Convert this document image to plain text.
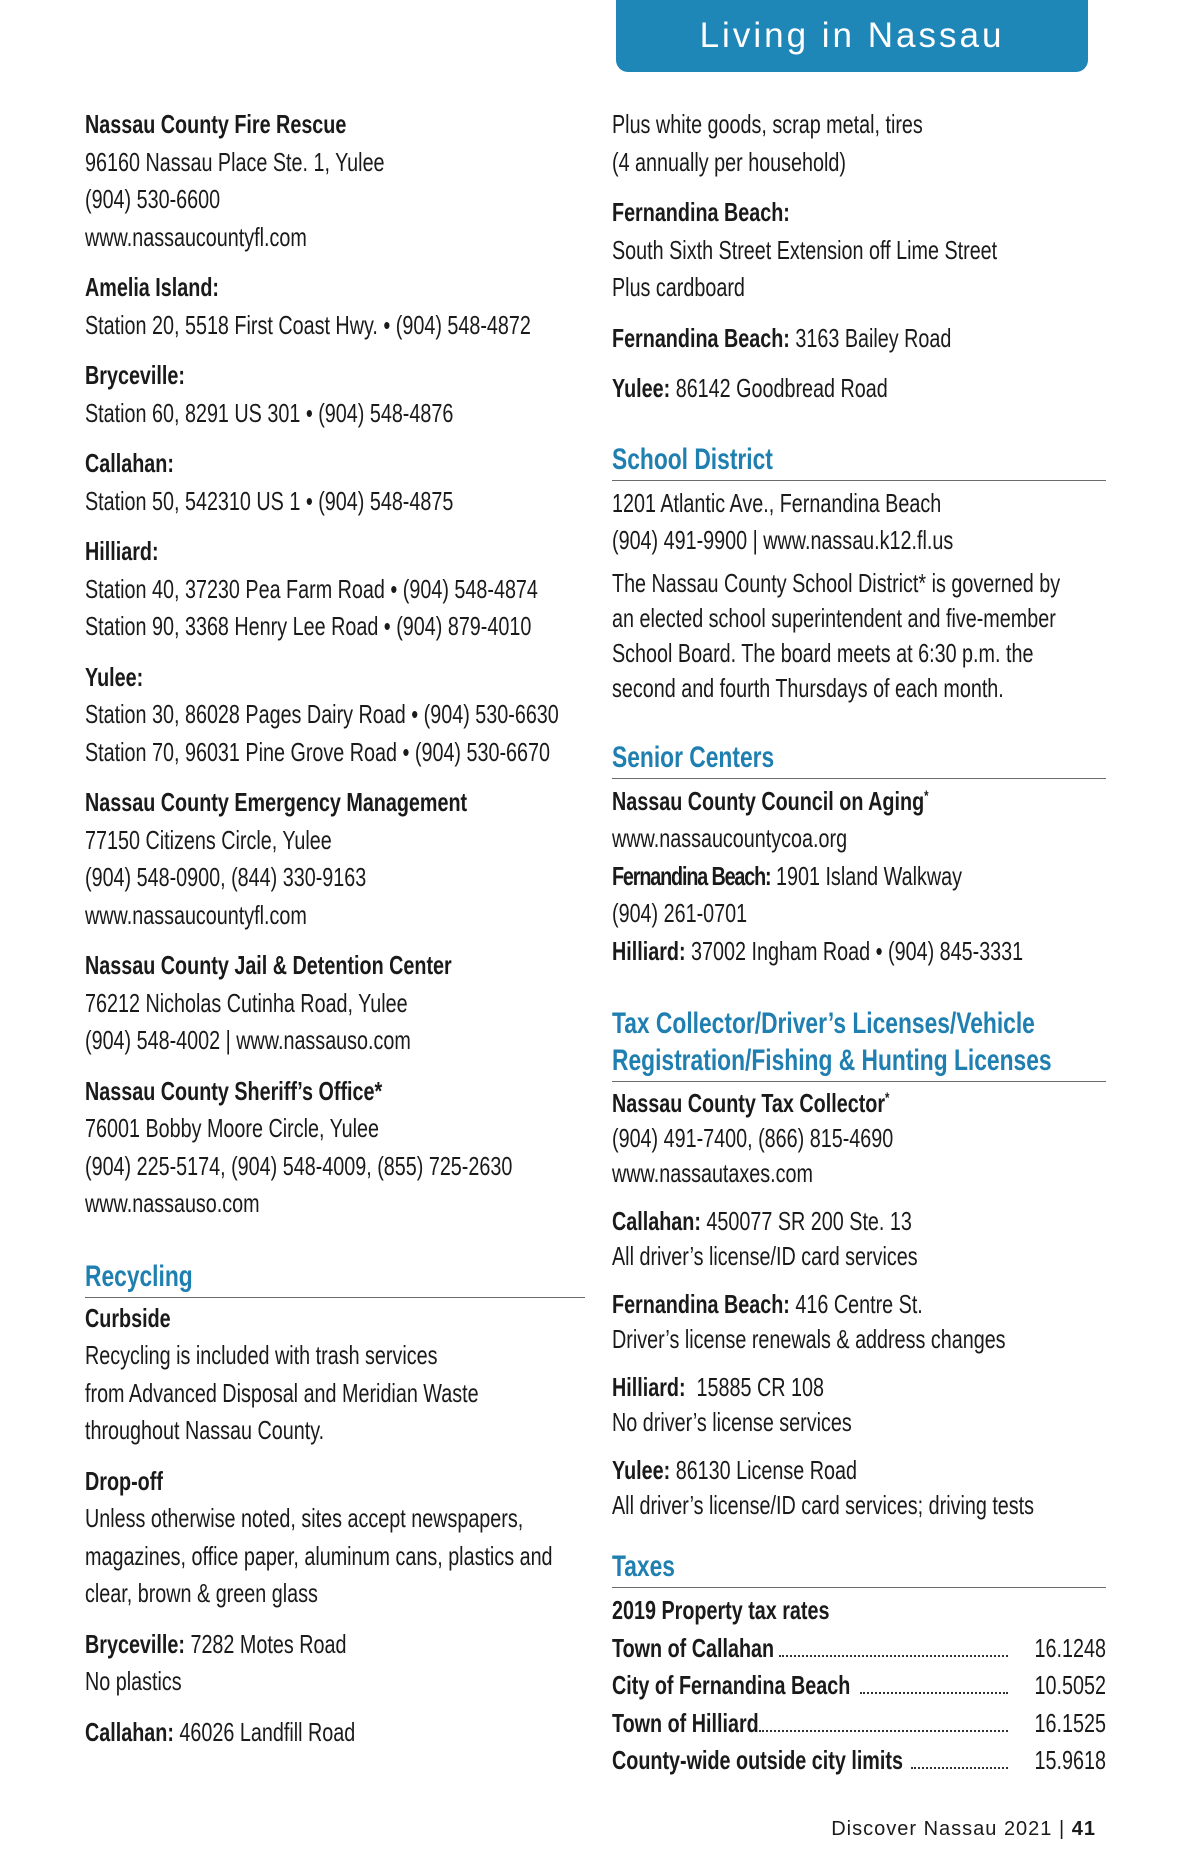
Living in Nassau
Nassau County Fire Rescue
96160 Nassau Place Ste. 1, Yulee
(904) 530-6600
www.nassaucountyfl.com
Amelia Island:
Station 20, 5518 First Coast Hwy. • (904) 548-4872
Bryceville:
Station 60, 8291 US 301 • (904) 548-4876
Callahan:
Station 50, 542310 US 1 • (904) 548-4875
Hilliard:
Station 40, 37230 Pea Farm Road • (904) 548-4874
Station 90, 3368 Henry Lee Road • (904) 879-4010
Yulee:
Station 30, 86028 Pages Dairy Road • (904) 530-6630
Station 70, 96031 Pine Grove Road • (904) 530-6670
Nassau County Emergency Management
77150 Citizens Circle, Yulee
(904) 548-0900, (844) 330-9163
www.nassaucountyfl.com
Nassau County Jail & Detention Center
76212 Nicholas Cutinha Road, Yulee
(904) 548-4002 | www.nassauso.com
Nassau County Sheriff’s Office*
76001 Bobby Moore Circle, Yulee
(904) 225-5174, (904) 548-4009, (855) 725-2630
www.nassauso.com
Recycling
Curbside
Recycling is included with trash services
from Advanced Disposal and Meridian Waste
throughout Nassau County.
Drop-off
Unless otherwise noted, sites accept newspapers,
magazines, office paper, aluminum cans, plastics and
clear, brown & green glass
Bryceville: 7282 Motes Road
No plastics
Callahan: 46026 Landfill Road
Plus white goods, scrap metal, tires
(4 annually per household)
Fernandina Beach:
South Sixth Street Extension off Lime Street
Plus cardboard
Fernandina Beach: 3163 Bailey Road
Yulee: 86142 Goodbread Road
School District
1201 Atlantic Ave., Fernandina Beach
(904) 491-9900 | www.nassau.k12.fl.us
The Nassau County School District* is governed by
an elected school superintendent and five-member
School Board. The board meets at 6:30 p.m. the
second and fourth Thursdays of each month.
Senior Centers
Nassau County Council on Aging*
www.nassaucountycoa.org
Fernandina Beach: 1901 Island Walkway
(904) 261-0701
Hilliard: 37002 Ingham Road • (904) 845-3331
Tax Collector/Driver’s Licenses/Vehicle
Registration/Fishing & Hunting Licenses
Nassau County Tax Collector*
(904) 491-7400, (866) 815-4690
www.nassautaxes.com
Callahan: 450077 SR 200 Ste. 13
All driver’s license/ID card services
Fernandina Beach: 416 Centre St.
Driver’s license renewals & address changes
Hilliard:  15885 CR 108
No driver’s license services
Yulee: 86130 License Road
All driver’s license/ID card services; driving tests
Taxes
2019 Property tax rates
Town of Callahan	16.1248
City of Fernandina Beach	10.5052
Town of Hilliard	16.1525
County-wide outside city limits	15.9618
Discover Nassau 2021 | 41
